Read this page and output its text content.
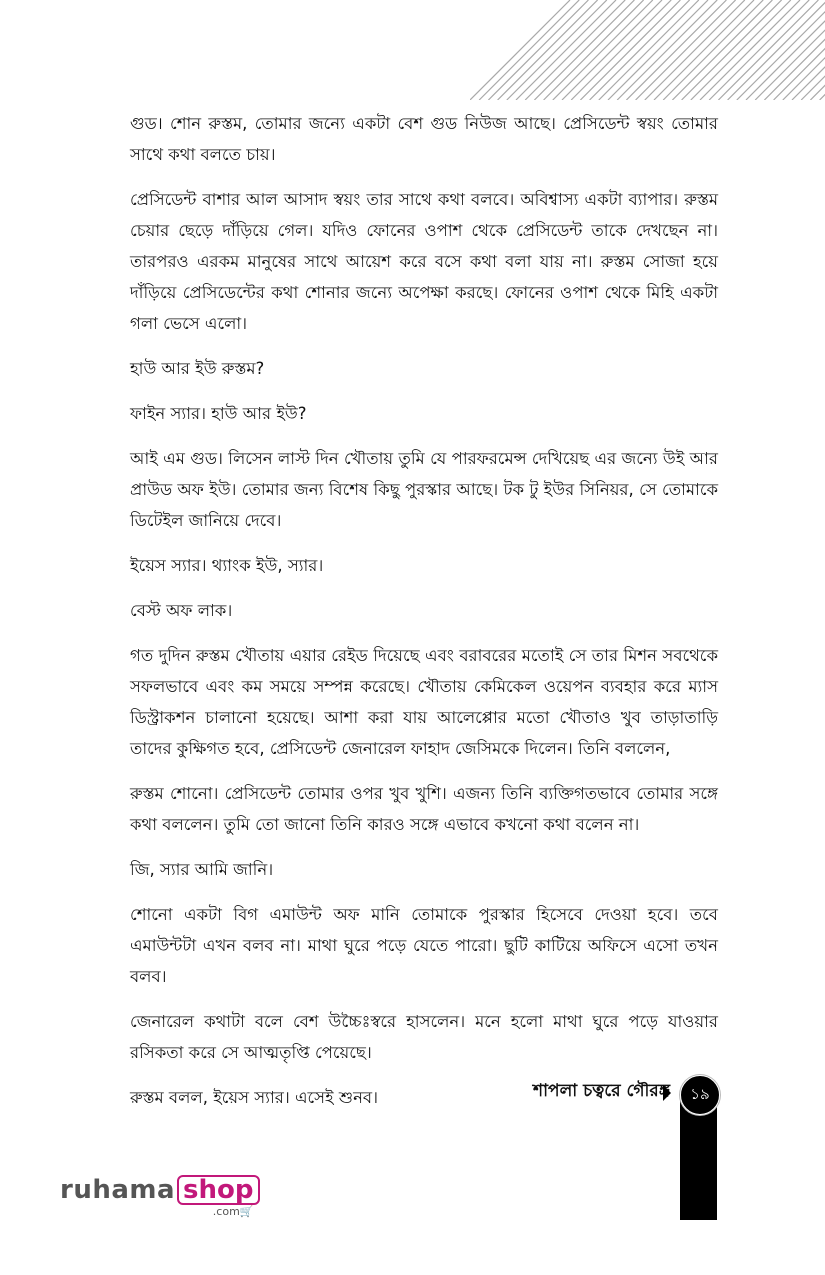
গুড। শোন রুস্তম, তোমার জন্যে একটা বেশ গুড নিউজ আছে। প্রেসিডেন্ট স্বয়ং তোমার সাথে কথা বলতে চায়।

প্রেসিডেন্ট বাশার আল আসাদ স্বয়ং তার সাথে কথা বলবে। অবিশ্বাস্য একটা ব্যাপার। রুস্তম চেয়ার ছেড়ে দাঁড়িয়ে গেল। যদিও ফোনের ওপাশ থেকে প্রেসিডেন্ট তাকে দেখছেন না। তারপরও এরকম মানুষের সাথে আয়েশ করে বসে কথা বলা যায় না। রুস্তম সোজা হয়ে দাঁড়িয়ে প্রেসিডেন্টের কথা শোনার জন্যে অপেক্ষা করছে। ফোনের ওপাশ থেকে মিহি একটা গলা ভেসে এলো।

হাউ আর ইউ রুস্তম?

ফাইন স্যার। হাউ আর ইউ?

আই এম গুড। লিসেন লাস্ট দিন খৌতায় তুমি যে পারফরমেন্স দেখিয়েছ এর জন্যে উই আর প্রাউড অফ ইউ। তোমার জন্য বিশেষ কিছু পুরস্কার আছে। টক টু ইউর সিনিয়র, সে তোমাকে ডিটেইল জানিয়ে দেবে।

ইয়েস স্যার। থ্যাংক ইউ, স্যার।

বেস্ট অফ লাক।

গত দুদিন রুস্তম খৌতায় এয়ার রেইড দিয়েছে এবং বরাবরের মতোই সে তার মিশন সবথেকে সফলভাবে এবং কম সময়ে সম্পন্ন করেছে। খৌতায় কেমিকেল ওয়েপন ব্যবহার করে ম্যাস ডিস্ট্রাকশন চালানো হয়েছে। আশা করা যায় আলেপ্পোর মতো খৌতাও খুব তাড়াতাড়ি তাদের কুক্ষিগত হবে, প্রেসিডেন্ট জেনারেল ফাহাদ জেসিমকে দিলেন। তিনি বললেন,

রুস্তম শোনো। প্রেসিডেন্ট তোমার ওপর খুব খুশি। এজন্য তিনি ব্যক্তিগতভাবে তোমার সঙ্গে কথা বললেন। তুমি তো জানো তিনি কারও সঙ্গে এভাবে কখনো কথা বলেন না।

জি, স্যার আমি জানি।

শোনো একটা বিগ এমাউন্ট অফ মানি তোমাকে পুরস্কার হিসেবে দেওয়া হবে। তবে এমাউন্টটা এখন বলব না। মাথা ঘুরে পড়ে যেতে পারো। ছুটি কাটিয়ে অফিসে এসো তখন বলব।

জেনারেল কথাটা বলে বেশ উচ্চৈঃস্বরে হাসলেন। মনে হলো মাথা ঘুরে পড়ে যাওয়ার রসিকতা করে সে আত্মতৃপ্তি পেয়েছে।

রুস্তম বলল, ইয়েস স্যার। এসেই শুনব।	শাপলা চত্বরে গৌরঙ্গ ১৯
ruhama shop
.com🛒
